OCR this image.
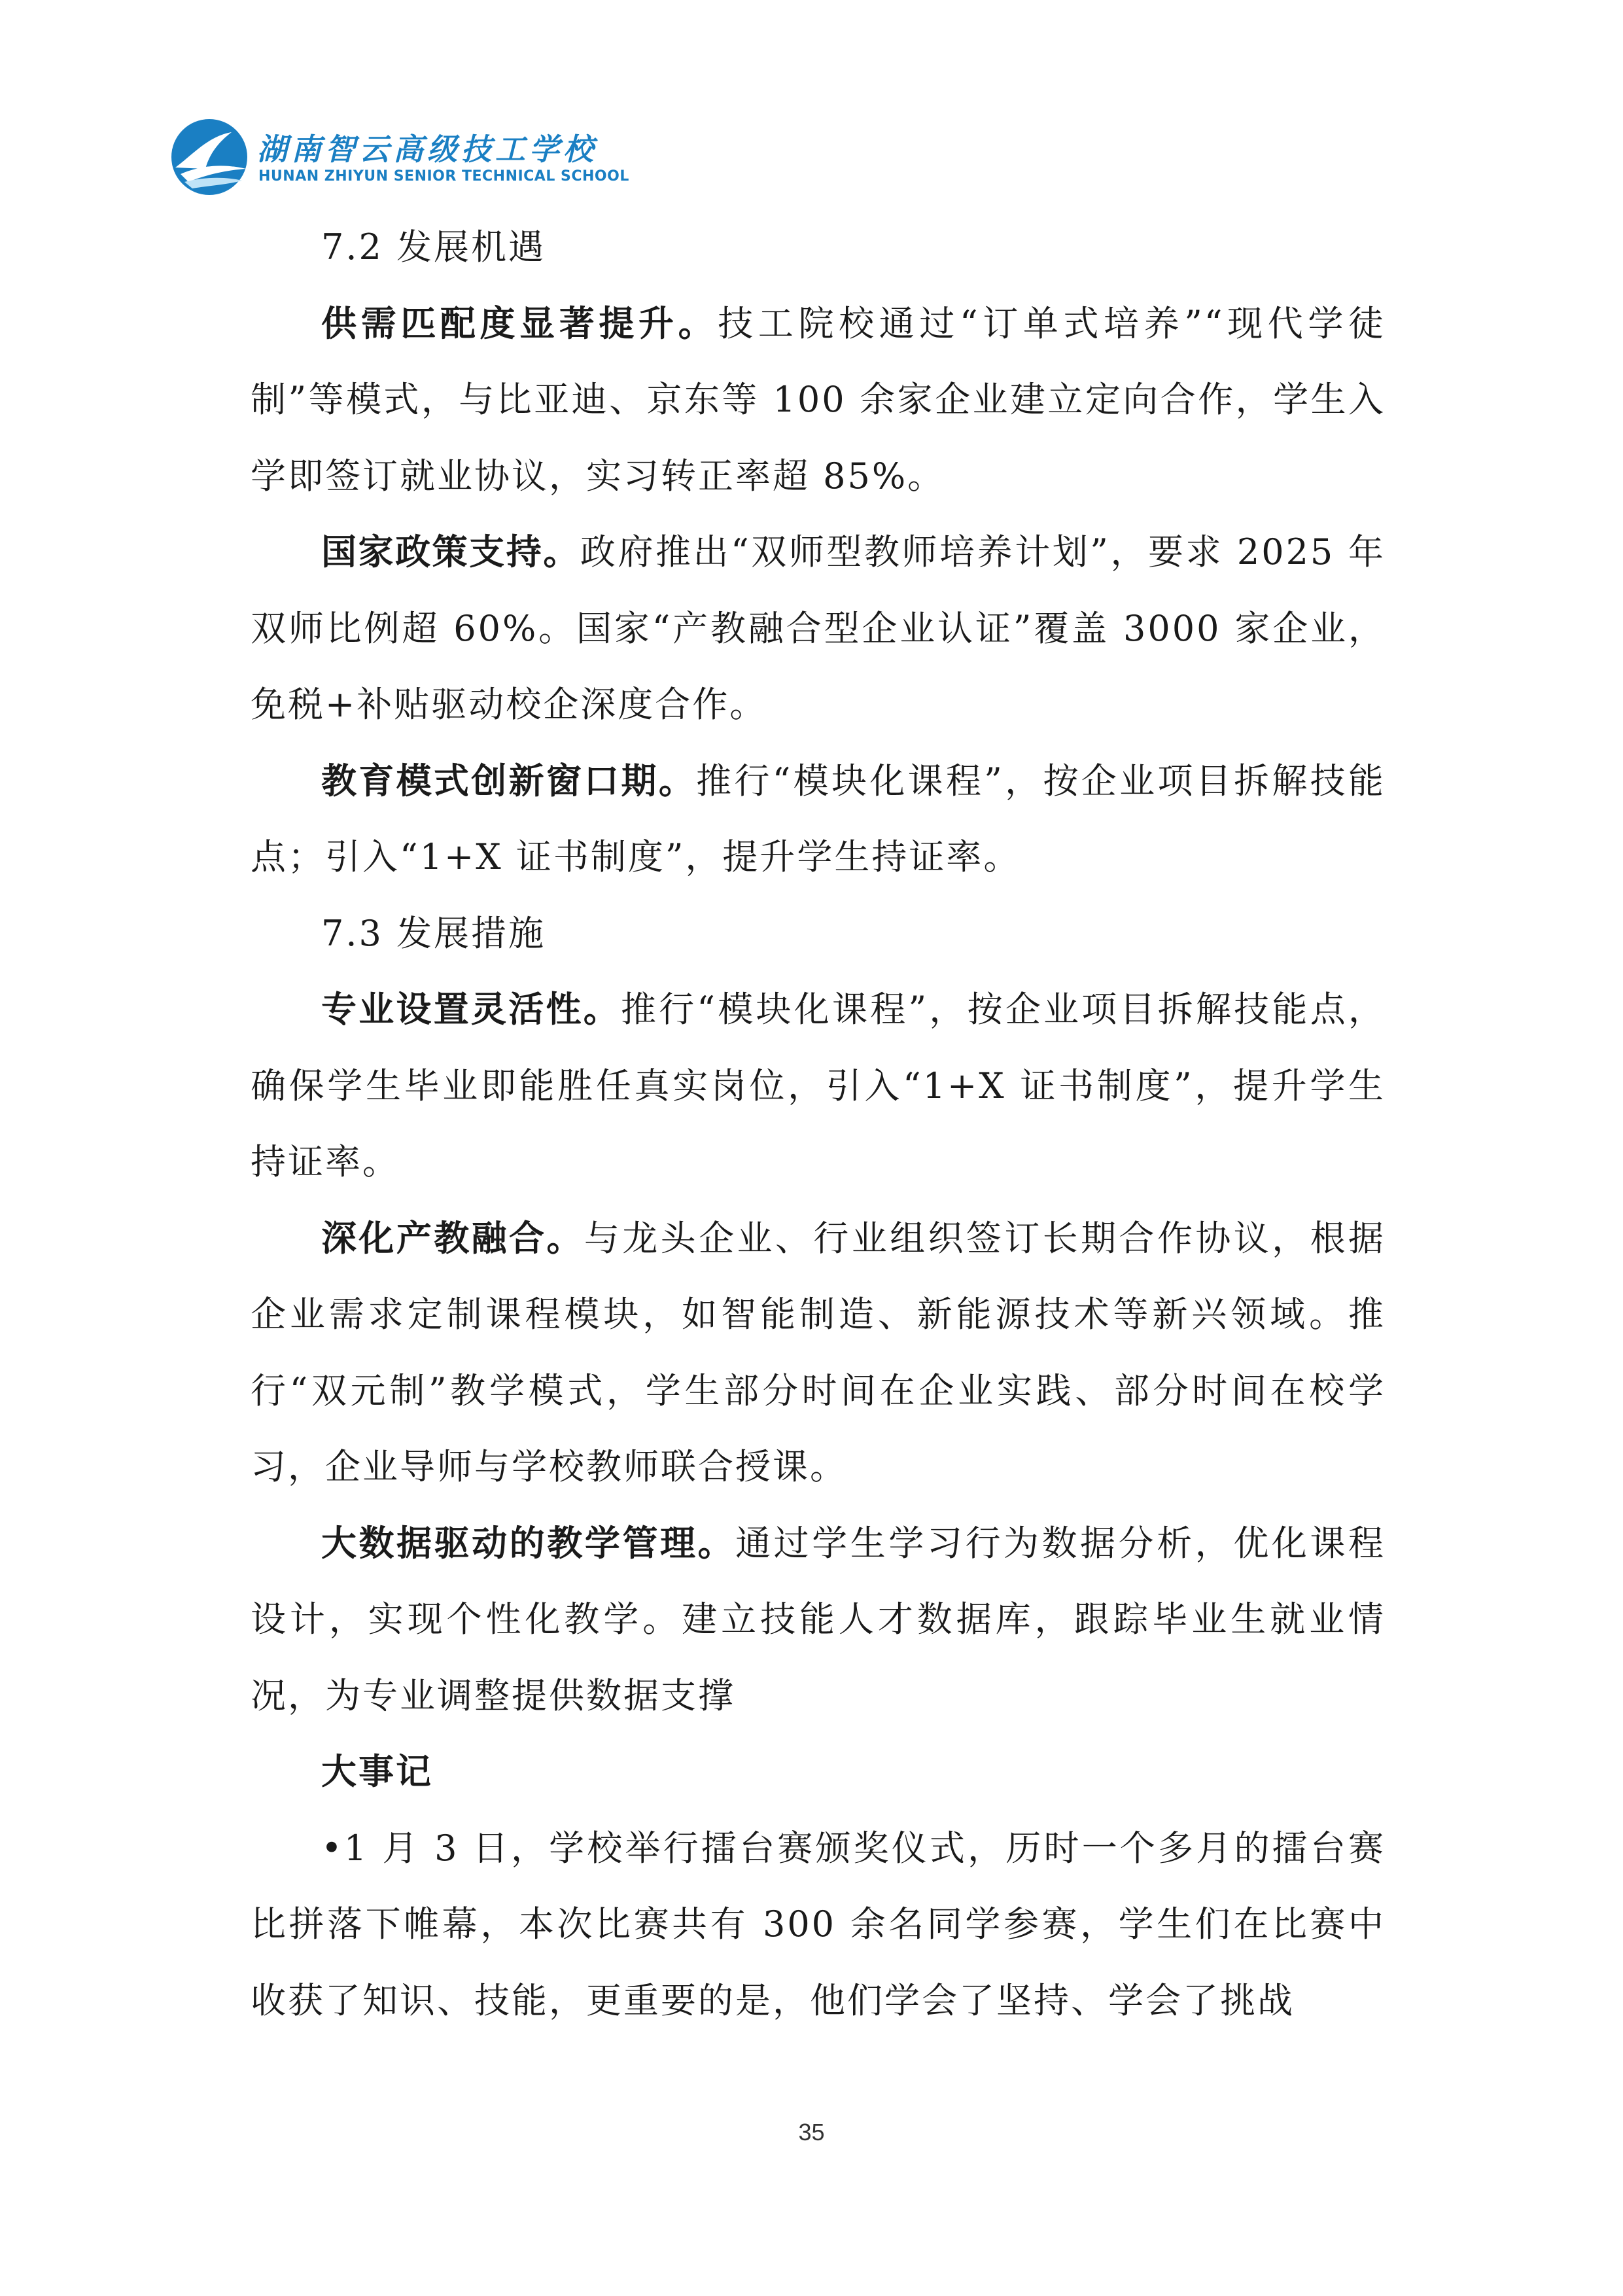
湖南智云高级技工学校
HUNAN ZHIYUN SENIOR TECHNICAL SCHOOL

7.2 发展机遇

供需匹配度显著提升。技工院校通过“订单式培养”“现代学徒制”等模式，与比亚迪、京东等 100 余家企业建立定向合作，学生入学即签订就业协议，实习转正率超 85%。

国家政策支持。政府推出“双师型教师培养计划”，要求 2025 年双师比例超 60%。国家“产教融合型企业认证”覆盖 3000 家企业，免税+补贴驱动校企深度合作。

教育模式创新窗口期。推行“模块化课程”，按企业项目拆解技能点；引入“1+X 证书制度”，提升学生持证率。

7.3 发展措施

专业设置灵活性。推行“模块化课程”，按企业项目拆解技能点，确保学生毕业即能胜任真实岗位，引入“1+X 证书制度”，提升学生持证率。

深化产教融合。与龙头企业、行业组织签订长期合作协议，根据企业需求定制课程模块，如智能制造、新能源技术等新兴领域。推行“双元制”教学模式，学生部分时间在企业实践、部分时间在校学习，企业导师与学校教师联合授课。

大数据驱动的教学管理。通过学生学习行为数据分析，优化课程设计，实现个性化教学。建立技能人才数据库，跟踪毕业生就业情况，为专业调整提供数据支撑

大事记

•1 月 3 日，学校举行擂台赛颁奖仪式，历时一个多月的擂台赛比拼落下帷幕，本次比赛共有 300 余名同学参赛，学生们在比赛中收获了知识、技能，更重要的是，他们学会了坚持、学会了挑战

35
